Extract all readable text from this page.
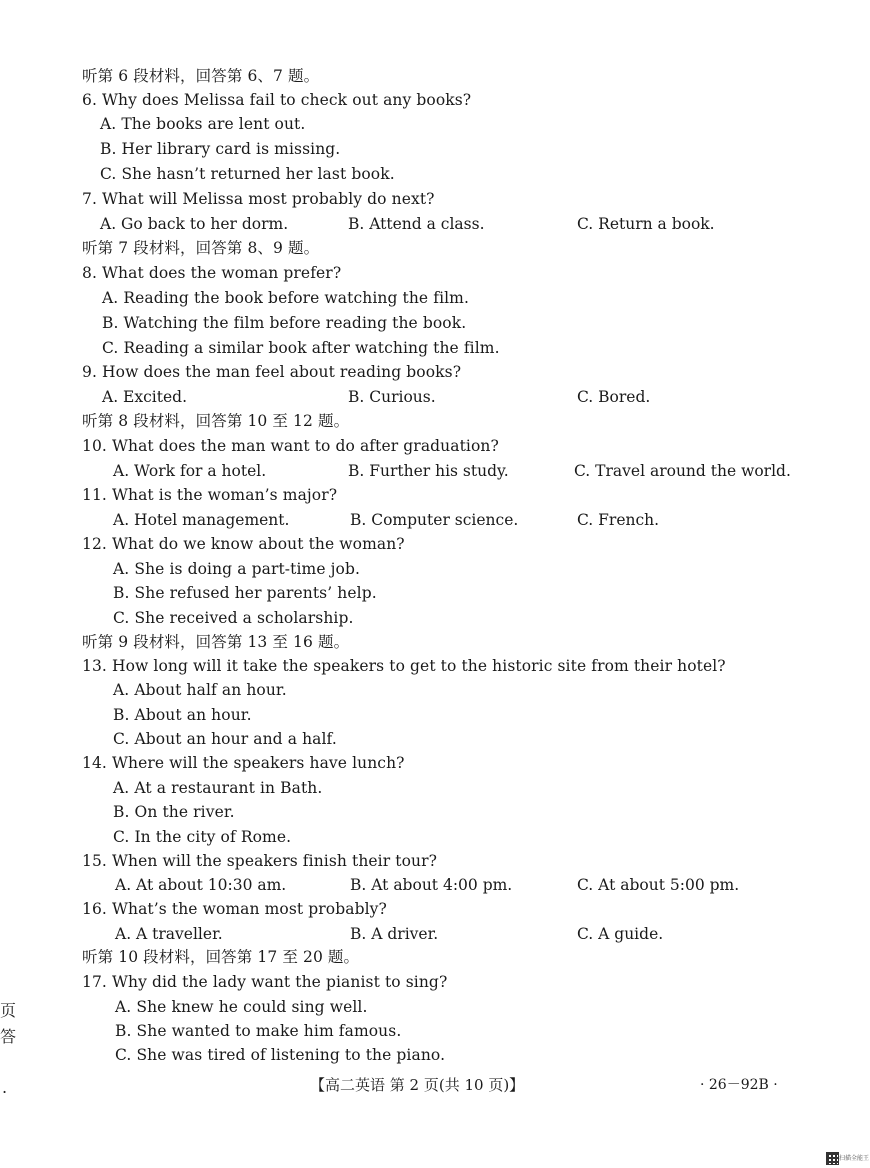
听第 6 段材料，回答第 6、7 题。
6. Why does Melissa fail to check out any books?
A. The books are lent out.
B. Her library card is missing.
C. She hasn’t returned her last book.
7. What will Melissa most probably do next?
A. Go back to her dorm.	B. Attend a class.	C. Return a book.
听第 7 段材料，回答第 8、9 题。
8. What does the woman prefer?
A. Reading the book before watching the film.
B. Watching the film before reading the book.
C. Reading a similar book after watching the film.
9. How does the man feel about reading books?
A. Excited.	B. Curious.	C. Bored.
听第 8 段材料，回答第 10 至 12 题。
10. What does the man want to do after graduation?
A. Work for a hotel.	B. Further his study.	C. Travel around the world.
11. What is the woman’s major?
A. Hotel management.	B. Computer science.	C. French.
12. What do we know about the woman?
A. She is doing a part-time job.
B. She refused her parents’ help.
C. She received a scholarship.
听第 9 段材料，回答第 13 至 16 题。
13. How long will it take the speakers to get to the historic site from their hotel?
A. About half an hour.
B. About an hour.
C. About an hour and a half.
14. Where will the speakers have lunch?
A. At a restaurant in Bath.
B. On the river.
C. In the city of Rome.
15. When will the speakers finish their tour?
A. At about 10:30 am.	B. At about 4:00 pm.	C. At about 5:00 pm.
16. What’s the woman most probably?
A. A traveller.	B. A driver.	C. A guide.
听第 10 段材料，回答第 17 至 20 题。
17. Why did the lady want the pianist to sing?
A. She knew he could sing well.
B. She wanted to make him famous.
C. She was tired of listening to the piano.
【高二英语 第 2 页(共 10 页)】	· 26－92B ·
页
答
.
扫描全能王
